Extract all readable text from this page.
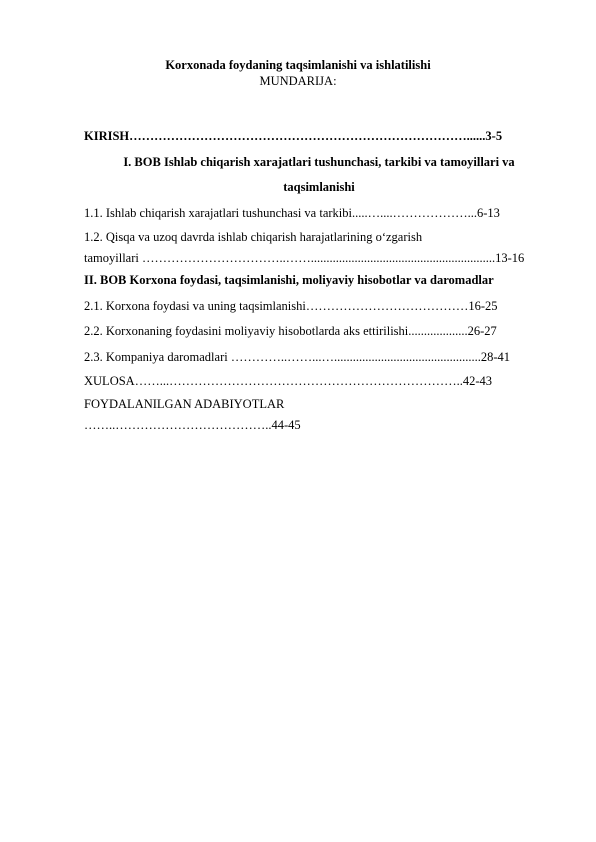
Korxonada foydaning taqsimlanishi va ishlatilishi
MUNDARIJA:
KIRISH………………………………………………………………………......3-5
I. BOB Ishlab chiqarish xarajatlari tushunchasi, tarkibi va tamoyillari va
taqsimlanishi
1.1. Ishlab chiqarish xarajatlari tushunchasi va tarkibi.....…....………………...6-13
1.2. Qisqa va uzoq davrda ishlab chiqarish harajatlarining o‘zgarish
tamoyillari ……………………………..……...........................................................13-16
II. BOB Korxona foydasi, taqsimlanishi, moliyaviy hisobotlar va daromadlar
2.1. Korxona foydasi va uning taqsimlanishi…………………………………16-25
2.2. Korxonaning foydasini moliyaviy hisobotlarda aks ettirilishi...................26-27
2.3. Kompaniya daromadlari …………..……...…...............................................28-41
XULOSA……...……………………………………………………………..42-43
FOYDALANILGAN ADABIYOTLAR
……..………………………………..44-45
